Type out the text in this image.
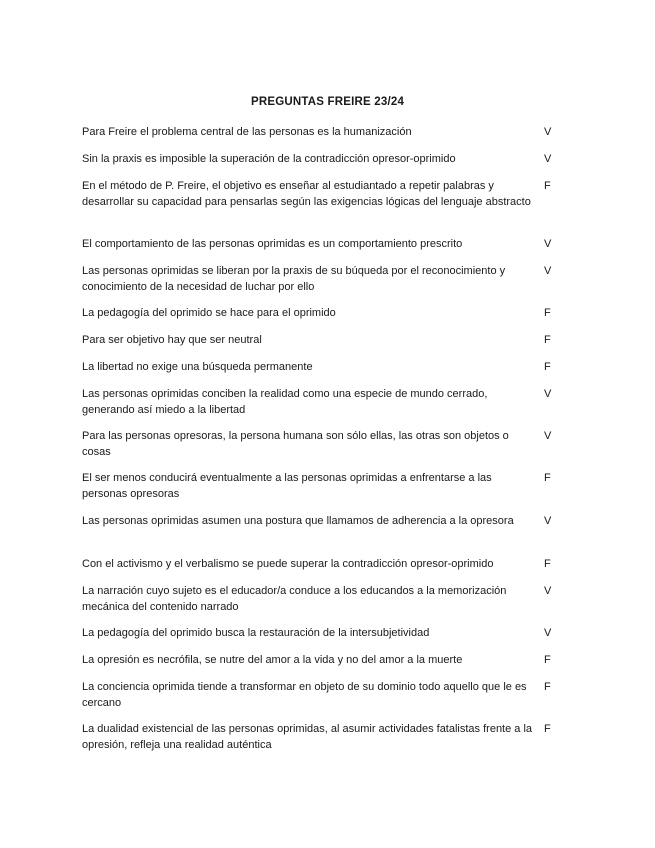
PREGUNTAS FREIRE 23/24
Para Freire el problema central de las personas es la humanización	V
Sin la praxis es imposible la superación de la contradicción opresor-oprimido	V
En el método de P. Freire, el objetivo es enseñar al estudiantado a repetir palabras y desarrollar su capacidad para pensarlas según las exigencias lógicas del lenguaje abstracto
F
El comportamiento de las personas oprimidas es un comportamiento prescrito	V
Las personas oprimidas se liberan por la praxis de su búqueda por el reconocimiento y conocimiento de la necesidad de luchar por ello
V
La pedagogía del oprimido se hace para el oprimido	F
Para ser objetivo hay que ser neutral	F
La libertad no exige una búsqueda permanente	F
Las personas oprimidas conciben la realidad como una especie de mundo cerrado, generando así miedo a la libertad
V
Para las personas opresoras, la persona humana son sólo ellas, las otras son objetos o cosas
V
El ser menos conducirá eventualmente a las personas oprimidas a enfrentarse a las personas opresoras
F
Las personas oprimidas asumen una postura que llamamos de adherencia a la opresora	V
Con el activismo y el verbalismo se puede superar la contradicción opresor-oprimido	F
La narración cuyo sujeto es el educador/a conduce a los educandos a la memorización mecánica del contenido narrado
V
La pedagogía del oprimido busca la restauración de la intersubjetividad	V
La opresión es necrófila, se nutre del amor a la vida y no del amor a la muerte	F
La conciencia oprimida tiende a transformar en objeto de su dominio todo aquello que le es cercano
F
La dualidad existencial de las personas oprimidas, al asumir actividades fatalistas frente a la opresión, refleja una realidad auténtica
F
